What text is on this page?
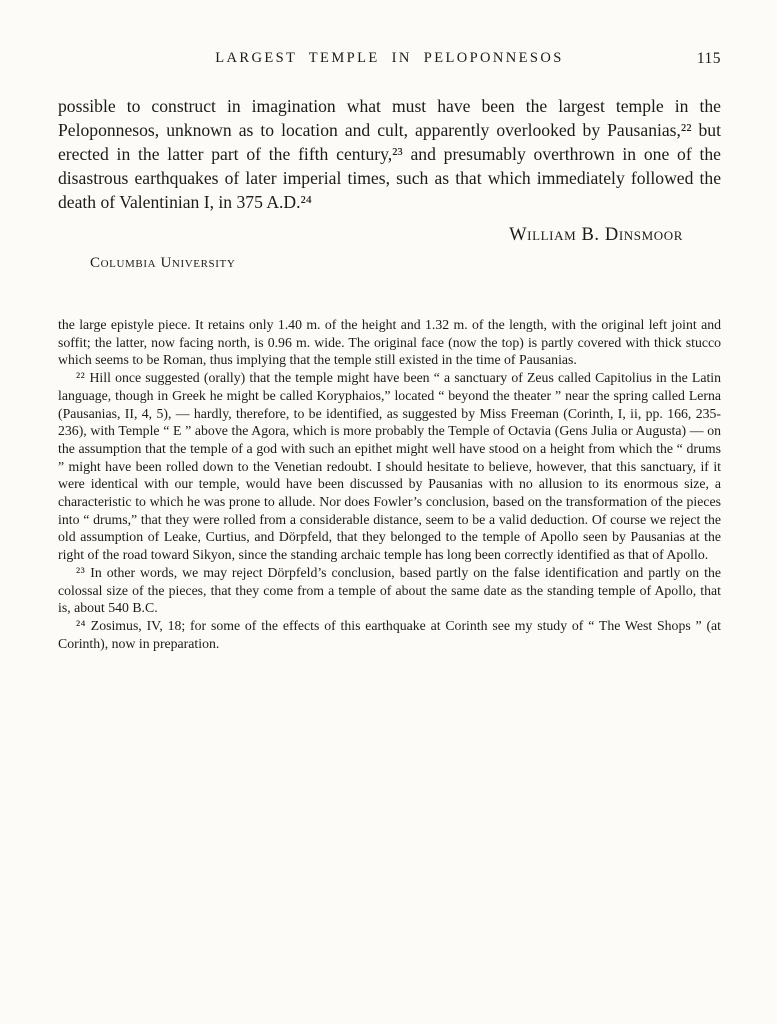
LARGEST TEMPLE IN PELOPONNESOS	115

possible to construct in imagination what must have been the largest temple in the Peloponnesos, unknown as to location and cult, apparently overlooked by Pausanias,²² but erected in the latter part of the fifth century,²³ and presumably overthrown in one of the disastrous earthquakes of later imperial times, such as that which immediately followed the death of Valentinian I, in 375 A.D.²⁴

William B. Dinsmoor

Columbia University

the large epistyle piece. It retains only 1.40 m. of the height and 1.32 m. of the length, with the original left joint and soffit; the latter, now facing north, is 0.96 m. wide. The original face (now the top) is partly covered with thick stucco which seems to be Roman, thus implying that the temple still existed in the time of Pausanias.

²² Hill once suggested (orally) that the temple might have been “ a sanctuary of Zeus called Capitolius in the Latin language, though in Greek he might be called Koryphaios,” located “ beyond the theater ” near the spring called Lerna (Pausanias, II, 4, 5), — hardly, therefore, to be identified, as suggested by Miss Freeman (Corinth, I, ii, pp. 166, 235-236), with Temple “ E ” above the Agora, which is more probably the Temple of Octavia (Gens Julia or Augusta) — on the assumption that the temple of a god with such an epithet might well have stood on a height from which the “ drums ” might have been rolled down to the Venetian redoubt. I should hesitate to believe, however, that this sanctuary, if it were identical with our temple, would have been discussed by Pausanias with no allusion to its enormous size, a characteristic to which he was prone to allude. Nor does Fowler’s conclusion, based on the transformation of the pieces into “ drums,” that they were rolled from a considerable distance, seem to be a valid deduction. Of course we reject the old assumption of Leake, Curtius, and Dörpfeld, that they belonged to the temple of Apollo seen by Pausanias at the right of the road toward Sikyon, since the standing archaic temple has long been correctly identified as that of Apollo.

²³ In other words, we may reject Dörpfeld’s conclusion, based partly on the false identification and partly on the colossal size of the pieces, that they come from a temple of about the same date as the standing temple of Apollo, that is, about 540 B.C.

²⁴ Zosimus, IV, 18; for some of the effects of this earthquake at Corinth see my study of “ The West Shops ” (at Corinth), now in preparation.
